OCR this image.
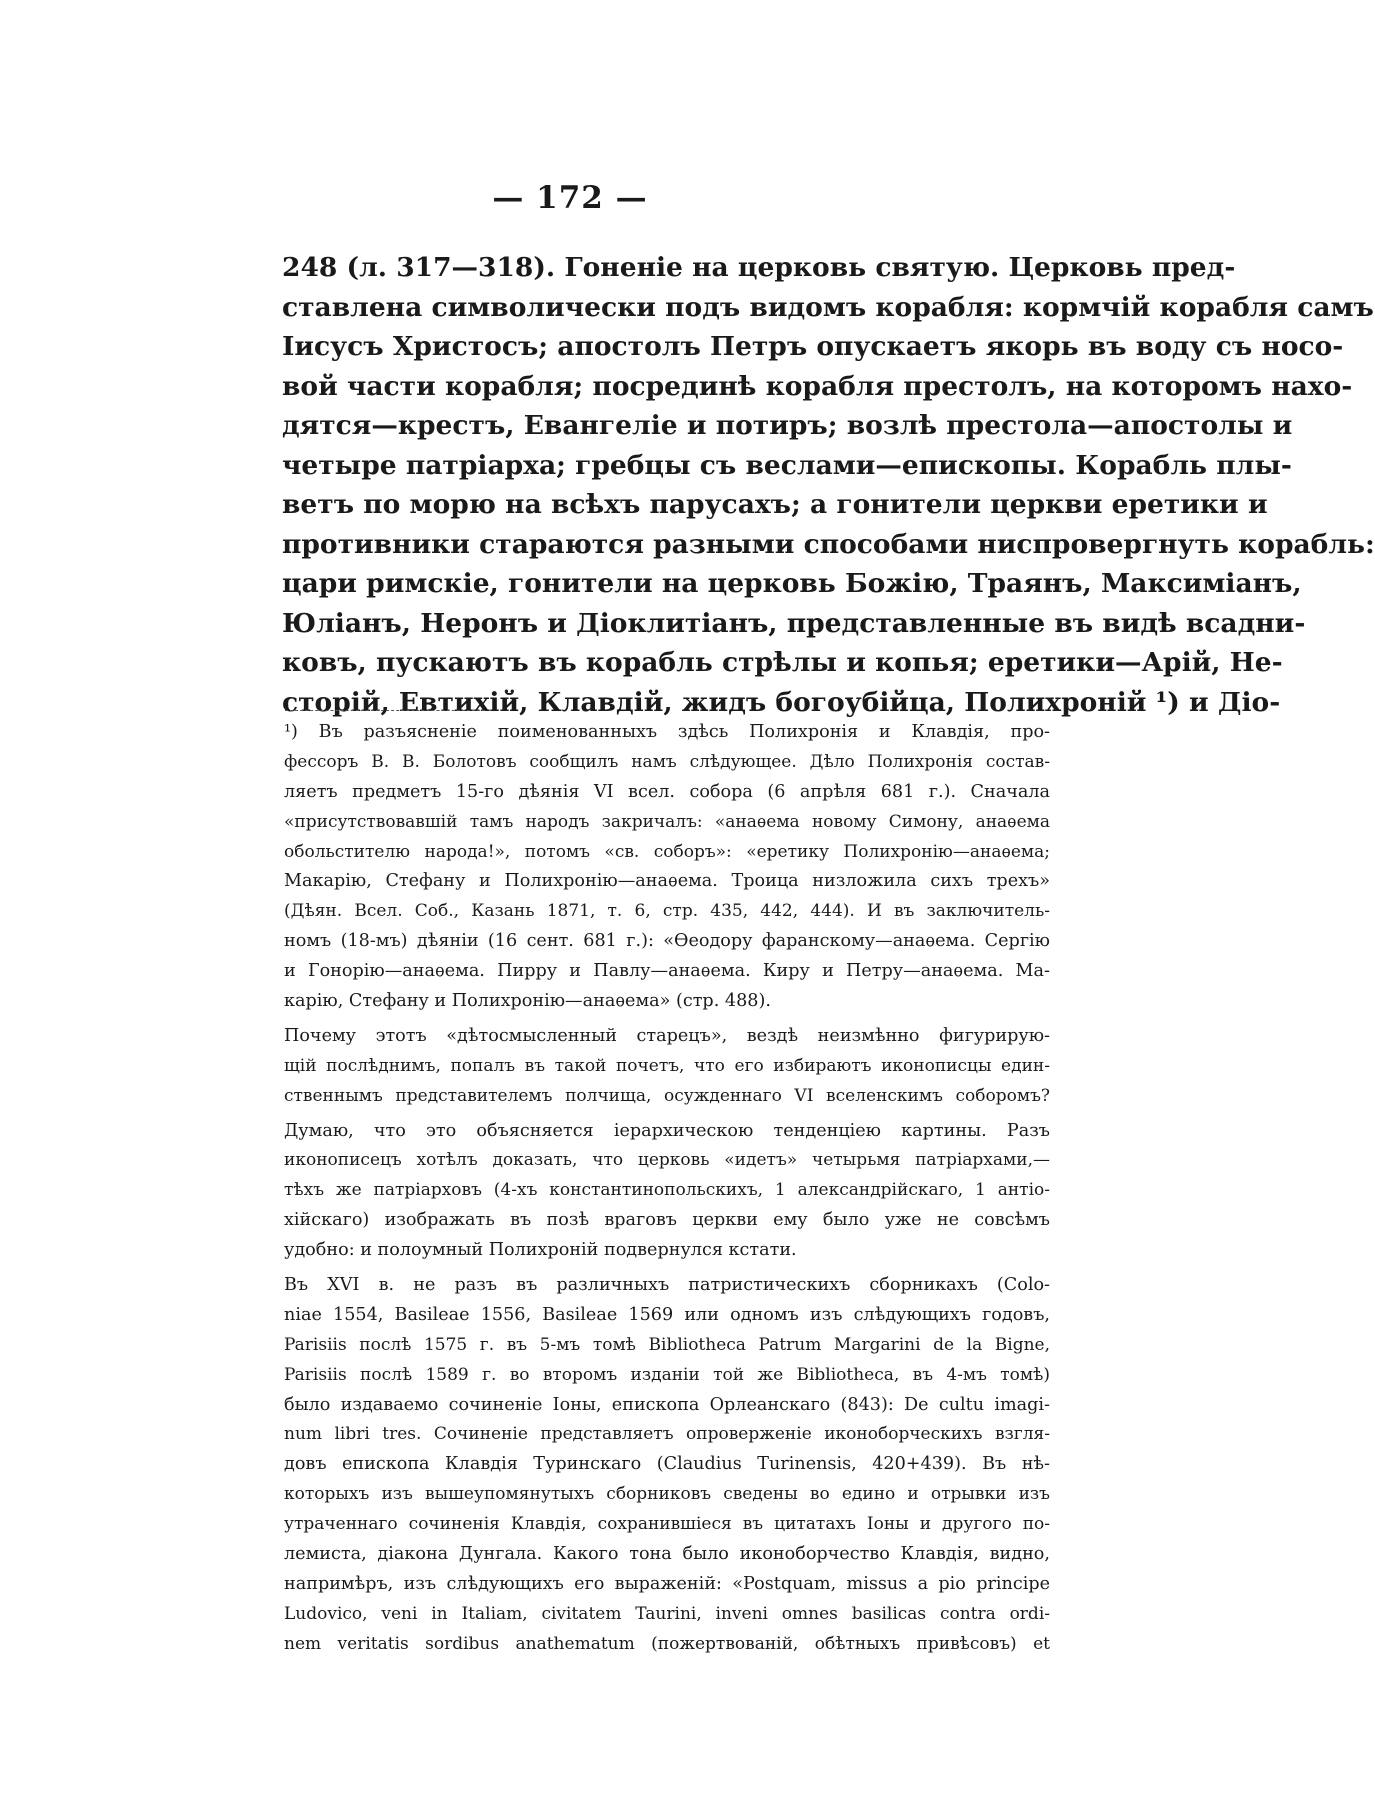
— 172 —
248 (л. 317—318). Гоненіе на церковь святую. Церковь пред-
ставлена символически подъ видомъ корабля: кормчій корабля самъ
Іисусъ Христосъ; апостолъ Петръ опускаетъ якорь въ воду съ носо-
вой части корабля; посрединѣ корабля престолъ, на которомъ нахо-
дятся—крестъ, Евангеліе и потиръ; возлѣ престола—апостолы и
четыре патріарха; гребцы съ веслами—епископы. Корабль плы-
ветъ по морю на всѣхъ парусахъ; а гонители церкви еретики и
противники стараются разными способами ниспровергнуть корабль:
цари римскіе, гонители на церковь Божію, Траянъ, Максиміанъ,
Юліанъ, Неронъ и Діоклитіанъ, представленные въ видѣ всадни-
ковъ, пускаютъ въ корабль стрѣлы и копья; еретики—Арій, Не-
сторій, Евтихій, Клавдій, жидъ богоубійца, Полихроній ¹) и Діо-
¹) Въ разъясненіе поименованныхъ здѣсь Полихронія и Клавдія, про-
фессоръ В. В. Болотовъ сообщилъ намъ слѣдующее. Дѣло Полихронія состав-
ляетъ предметъ 15-го дѣянія VI всел. собора (6 апрѣля 681 г.). Сначала
«присутствовавшій тамъ народъ закричалъ: «анаѳема новому Симону, анаѳема
обольстителю народа!», потомъ «св. соборъ»: «еретику Полихронію—анаѳема;
Макарію, Стефану и Полихронію—анаѳема. Троица низложила сихъ трехъ»
(Дѣян. Всел. Соб., Казань 1871, т. 6, стр. 435, 442, 444). И въ заключитель-
номъ (18-мъ) дѣяніи (16 сент. 681 г.): «Ѳеодору фаранскому—анаѳема. Сергію
и Гонорію—анаѳема. Пирру и Павлу—анаѳема. Киру и Петру—анаѳема. Ма-
карію, Стефану и Полихронію—анаѳема» (стр. 488).
Почему этотъ «дѣтосмысленный старецъ», вездѣ неизмѣнно фигурирую-
щій послѣднимъ, попалъ въ такой почетъ, что его избираютъ иконописцы един-
ственнымъ представителемъ полчища, осужденнаго VI вселенскимъ соборомъ?
Думаю, что это объясняется іерархическою тенденціею картины. Разъ
иконописецъ хотѣлъ доказать, что церковь «идетъ» четырьмя патріархами,—
тѣхъ же патріарховъ (4-хъ константинопольскихъ, 1 александрійскаго, 1 антіо-
хійскаго) изображать въ позѣ враговъ церкви ему было уже не совсѣмъ
удобно: и полоумный Полихроній подвернулся кстати.
Въ XVI в. не разъ въ различныхъ патристическихъ сборникахъ (Colo-
niae 1554, Basileae 1556, Basileae 1569 или одномъ изъ слѣдующихъ годовъ,
Parisiis послѣ 1575 г. въ 5-мъ томѣ Bibliotheca Patrum Margarini de la Bigne,
Parisiis послѣ 1589 г. во второмъ изданіи той же Bibliotheca, въ 4-мъ томѣ)
было издаваемо сочиненіе Іоны, епископа Орлеанскаго (843): De cultu imagi-
num libri tres. Сочиненіе представляетъ опроверженіе иконоборческихъ взгля-
довъ епископа Клавдія Туринскаго (Claudius Turinensis, 420+439). Въ нѣ-
которыхъ изъ вышеупомянутыхъ сборниковъ сведены во едино и отрывки изъ
утраченнаго сочиненія Клавдія, сохранившіеся въ цитатахъ Іоны и другого по-
лемиста, діакона Дунгала. Какого тона было иконоборчество Клавдія, видно,
напримѣръ, изъ слѣдующихъ его выраженій: «Postquam, missus a pio principe
Ludovico, veni in Italiam, civitatem Taurini, inveni omnes basilicas contra ordi-
nem veritatis sordibus anathematum (пожертвованій, обѣтныхъ привѣсовъ) et
